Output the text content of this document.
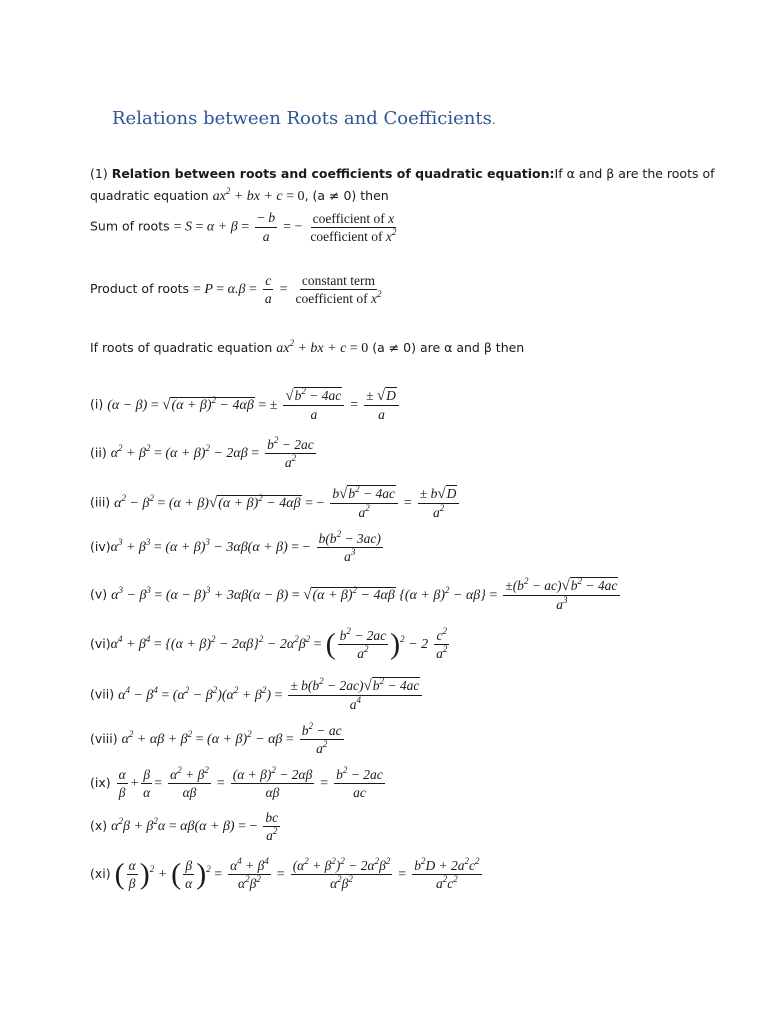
Relations between Roots and Coefficients.
(1) Relation between roots and coefficients of quadratic equation:If α and β are the roots of
quadratic equation $ax^2$ + bx + c = 0, (a ≠ 0) then
Sum of roots = $S = \alpha + \beta = \frac{- b}{a}$ = − $\frac{\text{coefficient of x}}{coefficient of x^2}$
Product of roots = $P = \alpha.\beta = \frac{c}{a} = \frac{\text{constant term}}{coefficient of x^2}$
If roots of quadratic equation $ax^2$ + bx + c = 0 (a ≠ 0) are α and β then
(i) $(\alpha - \beta) = √(\alpha + \beta)^2 - 4\alpha\beta$ = ± $\frac{√b^2 - 4ac}{a} = \frac{\pm √D}{a}$
(ii) $\alpha^2 + \beta^2 = (\alpha + \beta)^2 - 2\alpha\beta = \frac{b^2 - 2ac}{a^2}$
(iii) $\alpha^2 - \beta^2 = (\alpha + \beta)√(\alpha + \beta)^2 - 4\alpha\beta$ = − $\frac{b√b^2 - 4ac}{a^2} = \frac{\pm b√D}{a^2}$
$(iv)\alpha^3 + \beta^3 = (\alpha + \beta)^3 - 3\alpha\beta(\alpha + \beta)$ = − $\frac{b(b^2 - 3ac)}{a^3}$
(v) $\alpha^3 - \beta^3 = (\alpha - \beta)^3 + 3\alpha\beta(\alpha - \beta) = √(\alpha + \beta)^2 - 4\alpha\beta$ $\{(\alpha + \beta)^2 - \alpha\beta\} = \frac{\pm(b^2 - ac)√b^2 - 4ac}{a^3}$
$(vi)\alpha^4 + \beta^4 = \{(\alpha + \beta)^2 - 2\alpha\beta\}^2 - 2\alpha^2\beta^2$ = ( $\frac{b^2 - 2ac}{a^2} )^2 - 2 \frac{c^2}{a^2}$
(vii) $\alpha^4 - \beta^4 = (\alpha^2 - \beta^2)(\alpha^2 + \beta^2) = \frac{\pm b(b^2 - 2ac)√b^2 - 4ac}{a^4}$
(viii) $\alpha^2 + \alpha\beta + \beta^2 = (\alpha + \beta)^2 - \alpha\beta = \frac{b^2 - ac}{a^2}$
$(ix) \frac{\alpha}{\beta} + \frac{\beta}{\alpha} = \frac{\alpha^2 + \beta^2}{\alpha\beta} = \frac{(\alpha + \beta)^2 - 2\alpha\beta}{\alpha\beta} = \frac{b^2 - 2ac}{ac}$
(x) $\alpha^2\beta + \beta^2\alpha = \alpha\beta(\alpha + \beta)$ = − $\frac{bc}{a^2}$
(xi) ( $\frac{\alpha}{\beta} )^2$ + ( $\frac{\beta}{\alpha} )^2 = \frac{\alpha^4 + \beta^4}{\alpha^2\beta^2} = \frac{(\alpha^2 + \beta^2)^2 - 2\alpha^2\beta^2}{\alpha^2\beta^2} = \frac{b^2D + 2a^2c^2}{a^2c^2}$
